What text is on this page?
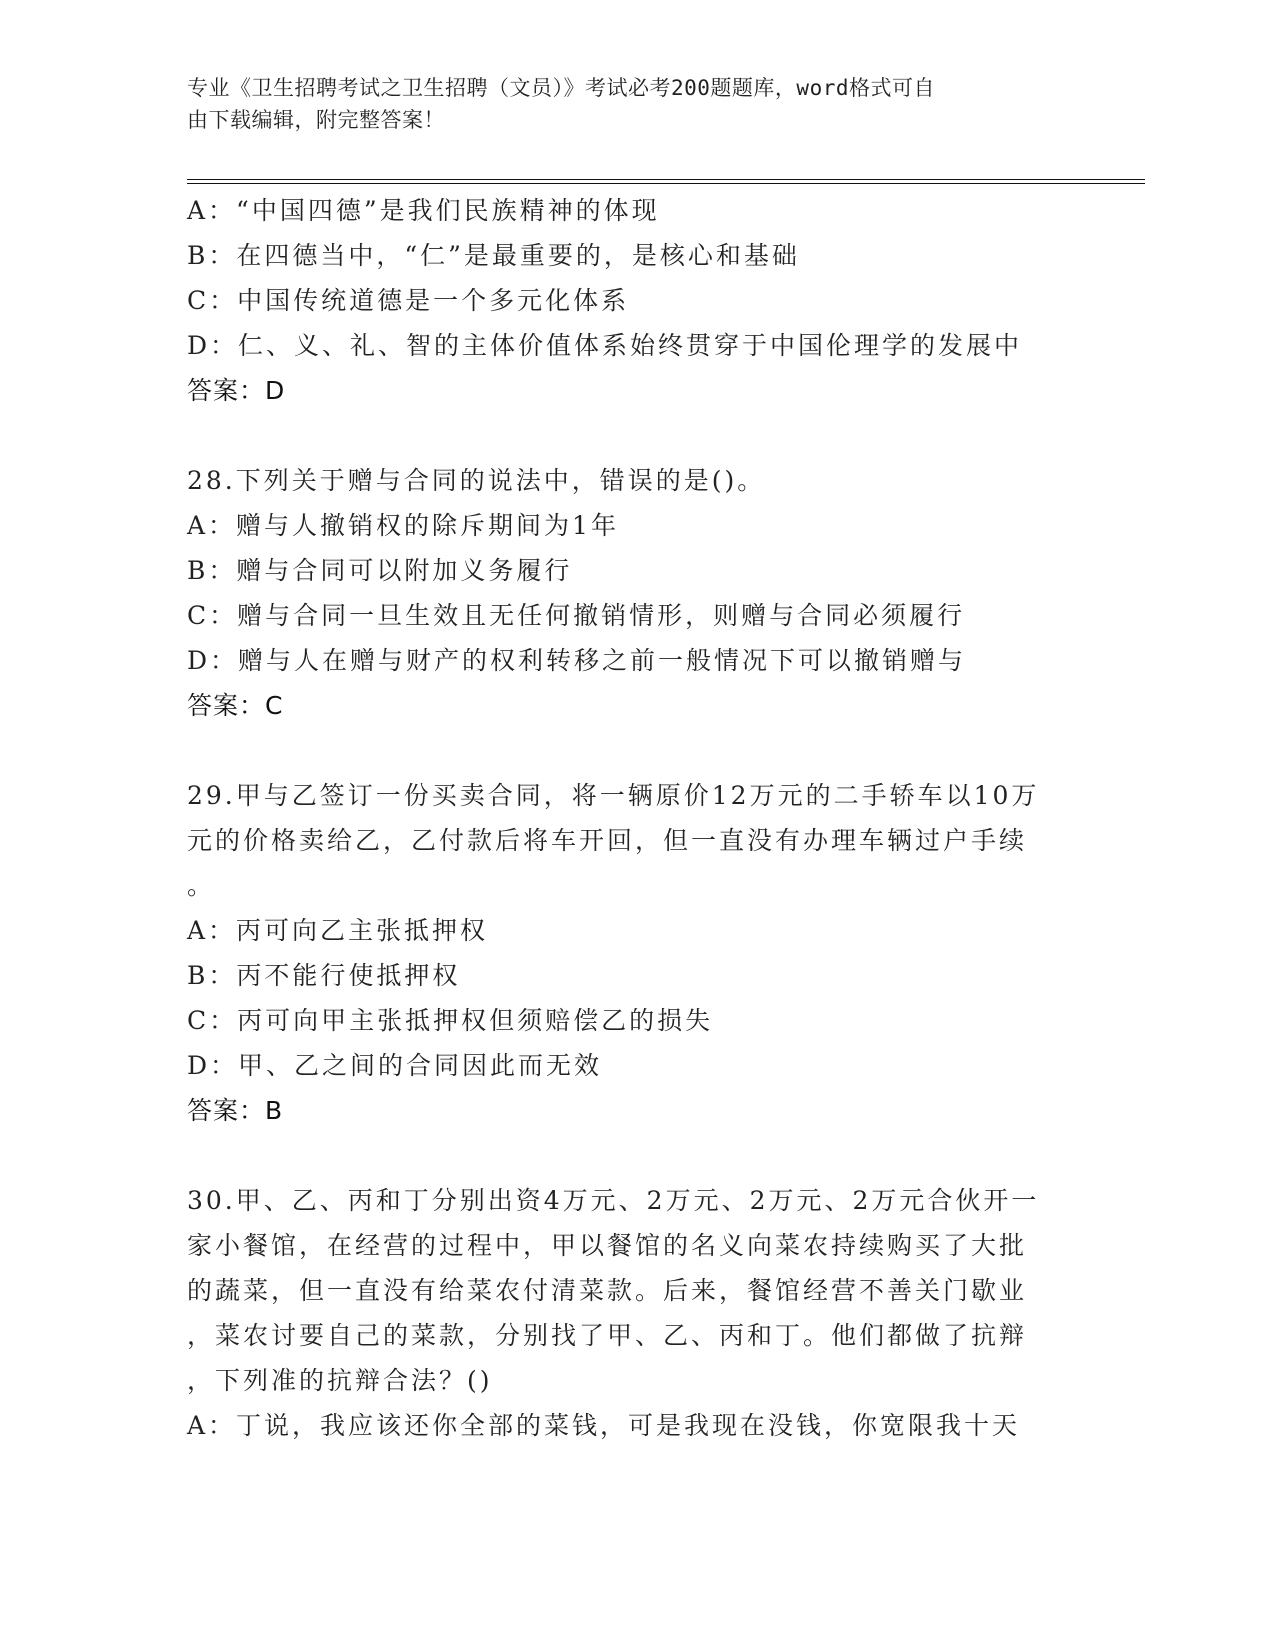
专业《卫生招聘考试之卫生招聘（文员）》考试必考200题题库，word格式可自
由下载编辑，附完整答案！
A：“中国四德”是我们民族精神的体现
B：在四德当中，“仁”是最重要的，是核心和基础
C：中国传统道德是一个多元化体系
D：仁、义、礼、智的主体价值体系始终贯穿于中国伦理学的发展中
答案：D
28.下列关于赠与合同的说法中，错误的是()。
A：赠与人撤销权的除斥期间为1年
B：赠与合同可以附加义务履行
C：赠与合同一旦生效且无任何撤销情形，则赠与合同必须履行
D：赠与人在赠与财产的权利转移之前一般情况下可以撤销赠与
答案：C
29.甲与乙签订一份买卖合同，将一辆原价12万元的二手轿车以10万
元的价格卖给乙，乙付款后将车开回，但一直没有办理车辆过户手续
。
A：丙可向乙主张抵押权
B：丙不能行使抵押权
C：丙可向甲主张抵押权但须赔偿乙的损失
D：甲、乙之间的合同因此而无效
答案：B
30.甲、乙、丙和丁分别出资4万元、2万元、2万元、2万元合伙开一
家小餐馆，在经营的过程中，甲以餐馆的名义向菜农持续购买了大批
的蔬菜，但一直没有给菜农付清菜款。后来，餐馆经营不善关门歇业
，菜农讨要自己的菜款，分别找了甲、乙、丙和丁。他们都做了抗辩
，下列准的抗辩合法？()
A：丁说，我应该还你全部的菜钱，可是我现在没钱，你宽限我十天
